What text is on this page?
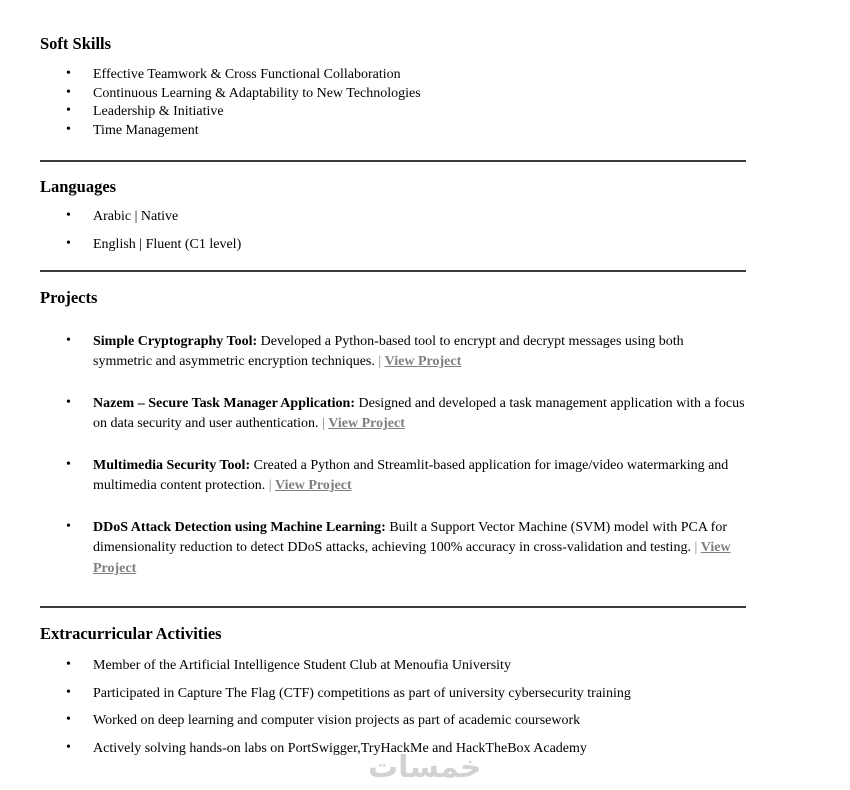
Soft Skills
• Effective Teamwork & Cross Functional Collaboration
• Continuous Learning & Adaptability to New Technologies
• Leadership & Initiative
• Time Management
Languages
• Arabic | Native
• English | Fluent (C1 level)
Projects
• Simple Cryptography Tool: Developed a Python-based tool to encrypt and decrypt messages using both symmetric and asymmetric encryption techniques. | View Project
• Nazem – Secure Task Manager Application: Designed and developed a task management application with a focus on data security and user authentication. | View Project
• Multimedia Security Tool: Created a Python and Streamlit-based application for image/video watermarking and multimedia content protection. | View Project
• DDoS Attack Detection using Machine Learning: Built a Support Vector Machine (SVM) model with PCA for dimensionality reduction to detect DDoS attacks, achieving 100% accuracy in cross-validation and testing. | View Project
Extracurricular Activities
• Member of the Artificial Intelligence Student Club at Menoufia University
• Participated in Capture The Flag (CTF) competitions as part of university cybersecurity training
• Worked on deep learning and computer vision projects as part of academic coursework
• Actively solving hands-on labs on PortSwigger,TryHackMe and HackTheBox Academy
خمسات
